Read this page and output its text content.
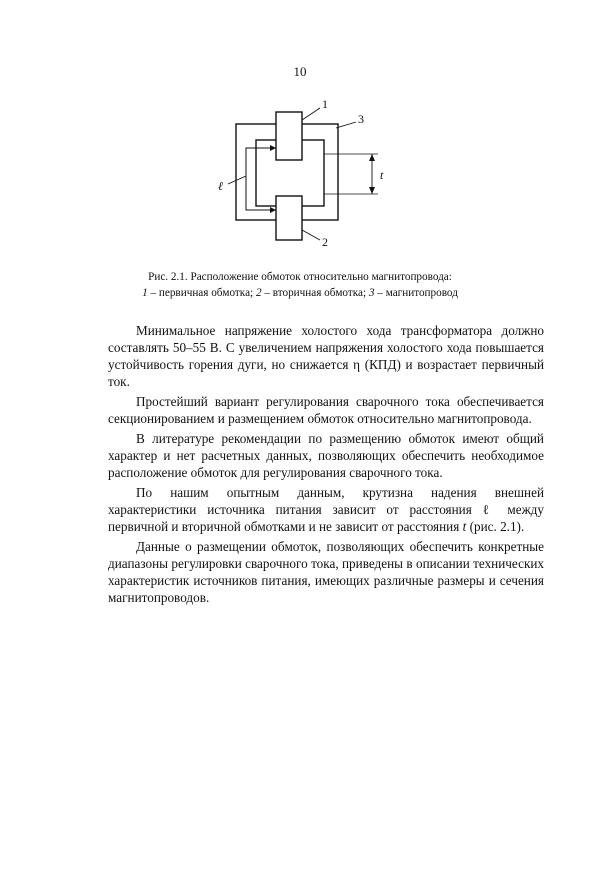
10
1
2
3
ℓ
t
Рис. 2.1. Расположение обмоток относительно магнитопровода:
1 – первичная обмотка; 2 – вторичная обмотка; 3 – магнитопровод

Минимальное напряжение холостого хода трансформатора должно составлять 50–55 В. С увеличением напряжения холостого хода повышается устойчивость горения дуги, но снижается η (КПД) и возрастает первичный ток.

Простейший вариант регулирования сварочного тока обеспечивается секционированием и размещением обмоток относительно магнитопровода.

В литературе рекомендации по размещению обмоток имеют общий характер и нет расчетных данных, позволяющих обеспечить необходимое расположение обмоток для регулирования сварочного тока.

По нашим опытным данным, крутизна надения внешней характеристики источника питания зависит от расстояния ℓ между первичной и вторичной обмотками и не зависит от расстояния t (рис. 2.1).

Данные о размещении обмоток, позволяющих обеспечить конкретные диапазоны регулировки сварочного тока, приведены в описании технических характеристик источников питания, имеющих различные размеры и сечения магнитопроводов.
